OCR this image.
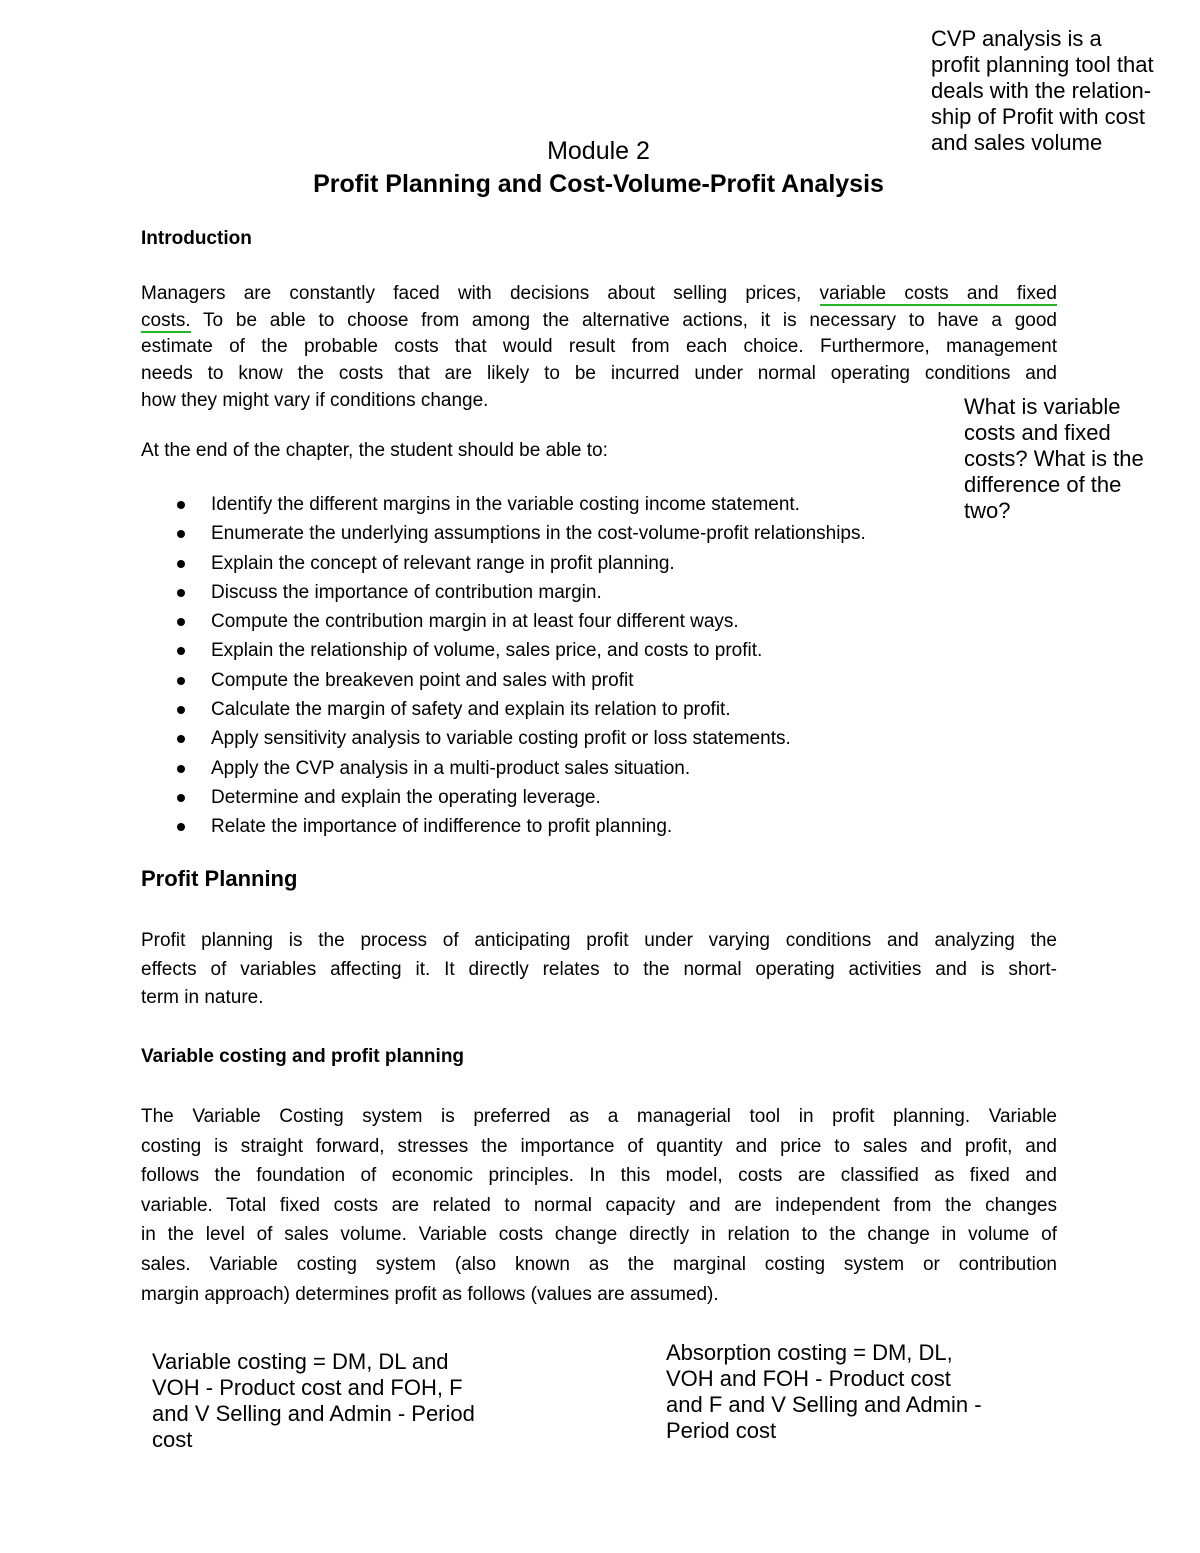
CVP analysis is a
profit planning tool that
deals with the relation-
ship of Profit with cost
and sales volume
Module 2
Profit Planning and Cost-Volume-Profit Analysis
Introduction
Managers are constantly faced with decisions about selling prices, variable costs and fixed
costs. To be able to choose from among the alternative actions, it is necessary to have a good
estimate of the probable costs that would result from each choice. Furthermore, management
needs to know the costs that are likely to be incurred under normal operating conditions and
how they might vary if conditions change.	What is variable
costs and fixed
costs? What is the
difference of the
two?
At the end of the chapter, the student should be able to:
Identify the different margins in the variable costing income statement.
Enumerate the underlying assumptions in the cost-volume-profit relationships.
Explain the concept of relevant range in profit planning.
Discuss the importance of contribution margin.
Compute the contribution margin in at least four different ways.
Explain the relationship of volume, sales price, and costs to profit.
Compute the breakeven point and sales with profit
Calculate the margin of safety and explain its relation to profit.
Apply sensitivity analysis to variable costing profit or loss statements.
Apply the CVP analysis in a multi-product sales situation.
Determine and explain the operating leverage.
Relate the importance of indifference to profit planning.
Profit Planning
Profit planning is the process of anticipating profit under varying conditions and analyzing the
effects of variables affecting it. It directly relates to the normal operating activities and is short-
term in nature.
Variable costing and profit planning
The Variable Costing system is preferred as a managerial tool in profit planning. Variable
costing is straight forward, stresses the importance of quantity and price to sales and profit, and
follows the foundation of economic principles. In this model, costs are classified as fixed and
variable. Total fixed costs are related to normal capacity and are independent from the changes
in the level of sales volume. Variable costs change directly in relation to the change in volume of
sales. Variable costing system (also known as the marginal costing system or contribution
margin approach) determines profit as follows (values are assumed).
Variable costing = DM, DL and
VOH - Product cost and FOH, F
and V Selling and Admin - Period
cost
Absorption costing = DM, DL,
VOH and FOH - Product cost
and F and V Selling and Admin -
Period cost
